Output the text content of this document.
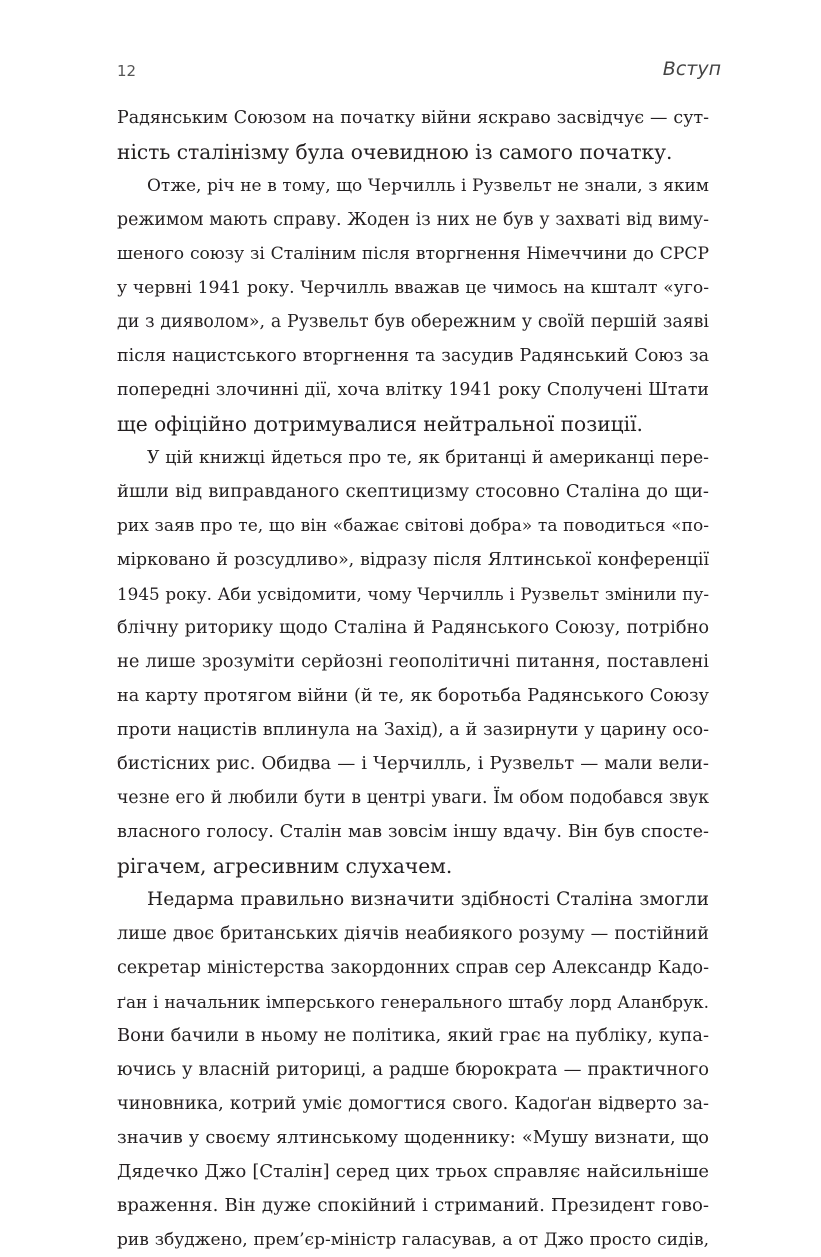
12	Вступ

Радянським Союзом на початку війни яскраво засвідчує — сут-
ність сталінізму була очевидною із самого початку.

Отже, річ не в тому, що Черчилль і Рузвельт не знали, з яким
режимом мають справу. Жоден із них не був у захваті від виму-
шеного союзу зі Сталіним після вторгнення Німеччини до СРСР
у червні 1941 року. Черчилль вважав це чимось на кшталт «уго-
ди з дияволом», а Рузвельт був обережним у своїй першій заяві
після нацистського вторгнення та засудив Радянський Союз за
попередні злочинні дії, хоча влітку 1941 року Сполучені Штати
ще офіційно дотримувалися нейтральної позиції.

У цій книжці йдеться про те, як британці й американці пере-
йшли від виправданого скептицизму стосовно Сталіна до щи-
рих заяв про те, що він «бажає світові добра» та поводиться «по-
мірковано й розсудливо», відразу після Ялтинської конференції
1945 року. Аби усвідомити, чому Черчилль і Рузвельт змінили пу-
блічну риторику щодо Сталіна й Радянського Союзу, потрібно
не лише зрозуміти серйозні геополітичні питання, поставлені
на карту протягом війни (й те, як боротьба Радянського Союзу
проти нацистів вплинула на Захід), а й зазирнути у царину осо-
бистісних рис. Обидва — і Черчилль, і Рузвельт — мали вели-
чезне его й любили бути в центрі уваги. Їм обом подобався звук
власного голосу. Сталін мав зовсім іншу вдачу. Він був спосте-
рігачем, агресивним слухачем.

Недарма правильно визначити здібності Сталіна змогли
лише двоє британських діячів неабиякого розуму — постійний
секретар міністерства закордонних справ сер Александр Кадо-
ґан і начальник імперського генерального штабу лорд Аланбрук.
Вони бачили в ньому не політика, який грає на публіку, купа-
ючись у власній риториці, а радше бюрократа — практичного
чиновника, котрий уміє домогтися свого. Кадоґан відверто за-
значив у своєму ялтинському щоденнику: «Мушу визнати, що
Дядечко Джо [Сталін] серед цих трьох справляє найсильніше
враження. Він дуже спокійний і стриманий. Президент гово-
рив збуджено, прем’єр-міністр галасував, а от Джо просто сидів,
